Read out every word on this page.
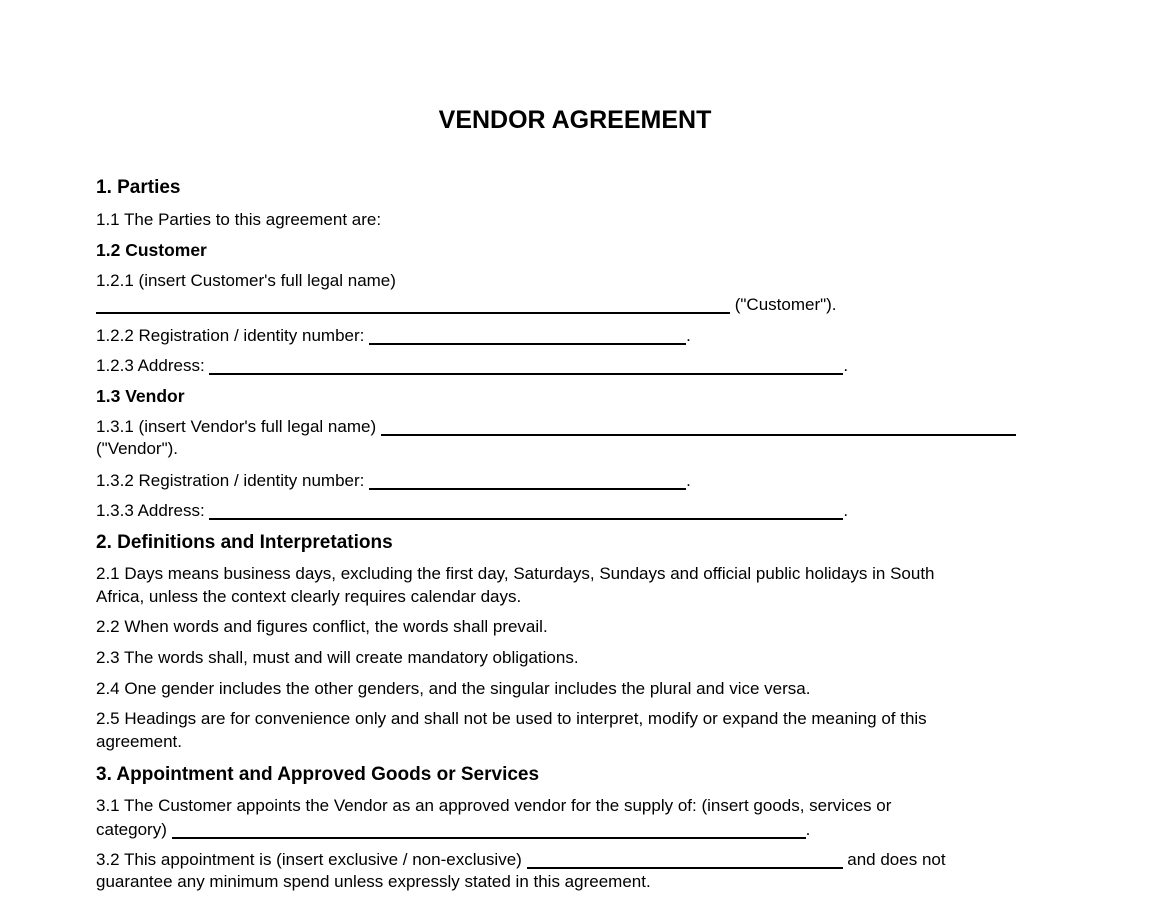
VENDOR AGREEMENT
1. Parties
1.1 The Parties to this agreement are:
1.2 Customer
1.2.1 (insert Customer's full legal name)
("Customer").
1.2.2 Registration / identity number:	.
1.2.3 Address:	.
1.3 Vendor
1.3.1 (insert Vendor's full legal name)
("Vendor").
1.3.2 Registration / identity number:	.
1.3.3 Address:	.
2. Definitions and Interpretations
2.1 Days means business days, excluding the first day, Saturdays, Sundays and official public holidays in South
Africa, unless the context clearly requires calendar days.
2.2 When words and figures conflict, the words shall prevail.
2.3 The words shall, must and will create mandatory obligations.
2.4 One gender includes the other genders, and the singular includes the plural and vice versa.
2.5 Headings are for convenience only and shall not be used to interpret, modify or expand the meaning of this
agreement.
3. Appointment and Approved Goods or Services
3.1 The Customer appoints the Vendor as an approved vendor for the supply of: (insert goods, services or
category)	.
3.2 This appointment is (insert exclusive / non-exclusive)	and does not
guarantee any minimum spend unless expressly stated in this agreement.
